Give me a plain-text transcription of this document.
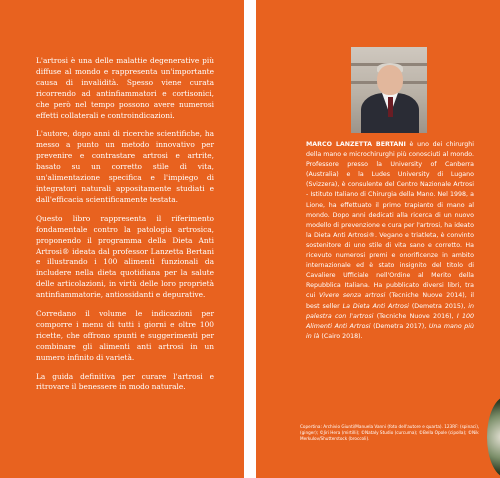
L'artrosi è una delle malattie degenerative più diffuse al mondo e rappresenta un'importante causa di invalidità. Spesso viene curata ricorrendo ad antinfiammatori e cortisonici, che però nel tempo possono avere numerosi effetti collaterali e controindicazioni.

L'autore, dopo anni di ricerche scientifiche, ha messo a punto un metodo innovativo per prevenire e contrastare artrosi e artrite, basato su un corretto stile di vita, un'alimentazione specifica e l'impiego di integratori naturali appositamente studiati e dall'efficacia scientificamente testata.

Questo libro rappresenta il riferimento fondamentale contro la patologia artrosica, proponendo il programma della Dieta Anti Artrosi® ideata dal professor Lanzetta Bertani e illustrando i 100 alimenti funzionali da includere nella dieta quotidiana per la salute delle articolazioni, in virtù delle loro proprietà antinfiammatorie, antiossidanti e depurative.

Corredano il volume le indicazioni per comporre i menu di tutti i giorni e oltre 100 ricette, che offrono spunti e suggerimenti per combinare gli alimenti anti artrosi in un numero infinito di varietà.

La guida definitiva per curare l'artrosi e ritrovare il benessere in modo naturale.

MARCO LANZETTA BERTANI è uno dei chirurghi della mano e microchirurghi più conosciuti al mondo. Professore presso la University of Canberra (Australia) e la Ludes University di Lugano (Svizzera), è consulente del Centro Nazionale Artrosi - Istituto Italiano di Chirurgia della Mano. Nel 1998, a Lione, ha effettuato il primo trapianto di mano al mondo. Dopo anni dedicati alla ricerca di un nuovo modello di prevenzione e cura per l'artrosi, ha ideato la Dieta Anti Artrosi®. Vegano e triatleta, è convinto sostenitore di uno stile di vita sano e corretto. Ha ricevuto numerosi premi e onorificenze in ambito internazionale ed è stato insignito del titolo di Cavaliere Ufficiale nell'Ordine al Merito della Repubblica Italiana. Ha pubblicato diversi libri, tra cui Vivere senza artrosi (Tecniche Nuove 2014), il best seller La Dieta Anti Artrosi (Demetra 2015), in palestra con l'artrosi (Tecniche Nuove 2016), I 100 Alimenti Anti Artrosi (Demetra 2017), Una mano più in là (Cairo 2018).
Copertina: Archivio Giunti/Manuela Vanni (foto dell'autore e quarta). 123RF: (spinaci), (ginger); ©Jiri Hera (mirtilli); ©Nataly Studio (curcuma); ©Bella Opole (cipolla); ©Nik Merkulov/Shutterstock (broccoli).
